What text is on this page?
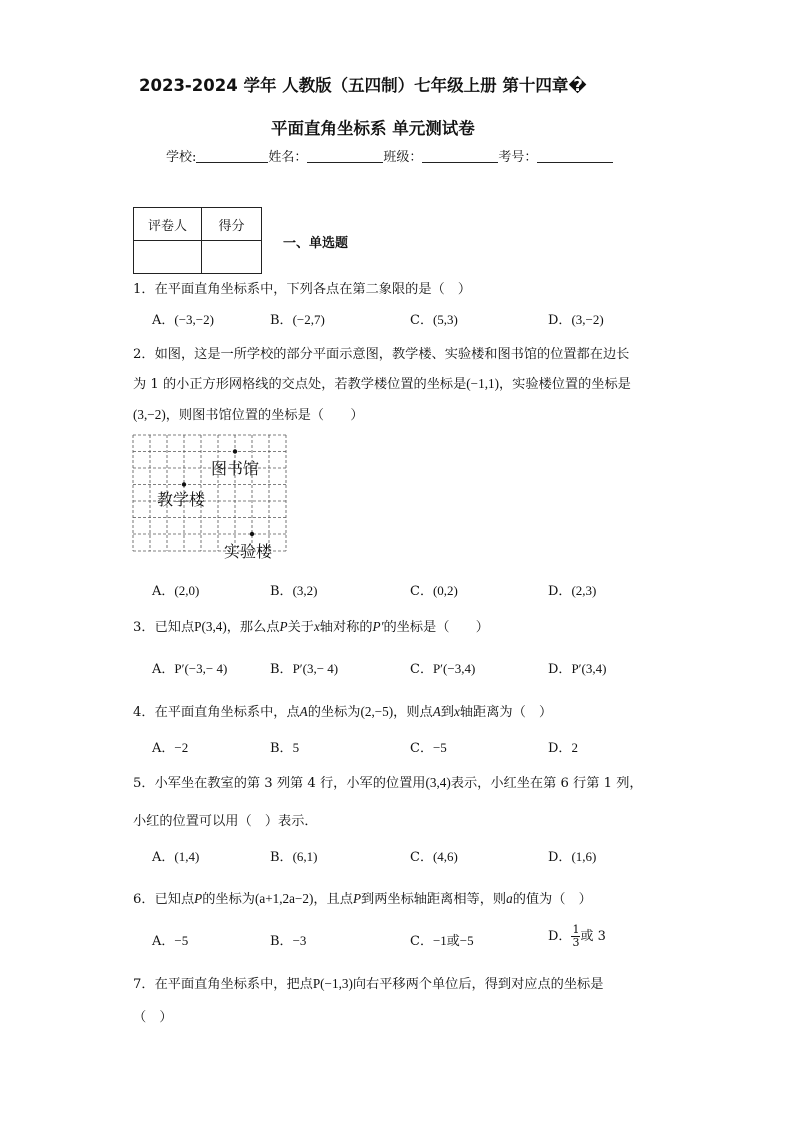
2023-2024 学年 人教版（五四制）七年级上册 第十四章�
平面直角坐标系 单元测试卷
学校:	姓名：	班级：	考号：
评卷人	得分

一、单选题
1．在平面直角坐标系中，下列各点在第二象限的是（　）
A．(−3,−2)	B．(−2,7)	C．(5,3)	D．(3,−2)
2．如图，这是一所学校的部分平面示意图，教学楼、实验楼和图书馆的位置都在边长
为 1 的小正方形网格线的交点处，若教学楼位置的坐标是(−1,1)，实验楼位置的坐标是
(3,−2)，则图书馆位置的坐标是（　　）
图书馆
教学楼
实验楼
A．(2,0)	B．(3,2)	C．(0,2)	D．(2,3)
3．已知点P(3,4)，那么点P关于x轴对称的P′的坐标是（　　）
A．P′(−3,− 4)	B．P′(3,− 4)	C．P′(−3,4)	D．P′(3,4)
4．在平面直角坐标系中，点A的坐标为(2,−5)，则点A到x轴距离为（　）
A．−2	B．5	C．−5	D．2
5．小军坐在教室的第 3 列第 4 行，小军的位置用(3,4)表示，小红坐在第 6 行第 1 列，
小红的位置可以用（　）表示．
A．(1,4)	B．(6,1)	C．(4,6)	D．(1,6)
6．已知点P的坐标为(a+1,2a−2)，且点P到两坐标轴距离相等，则a的值为（　）
A．−5	B．−3	C．−1或−5	D． $\frac{1}{3}$ 或 3
7．在平面直角坐标系中，把点P(−1,3)向右平移两个单位后，得到对应点的坐标是
（　）
